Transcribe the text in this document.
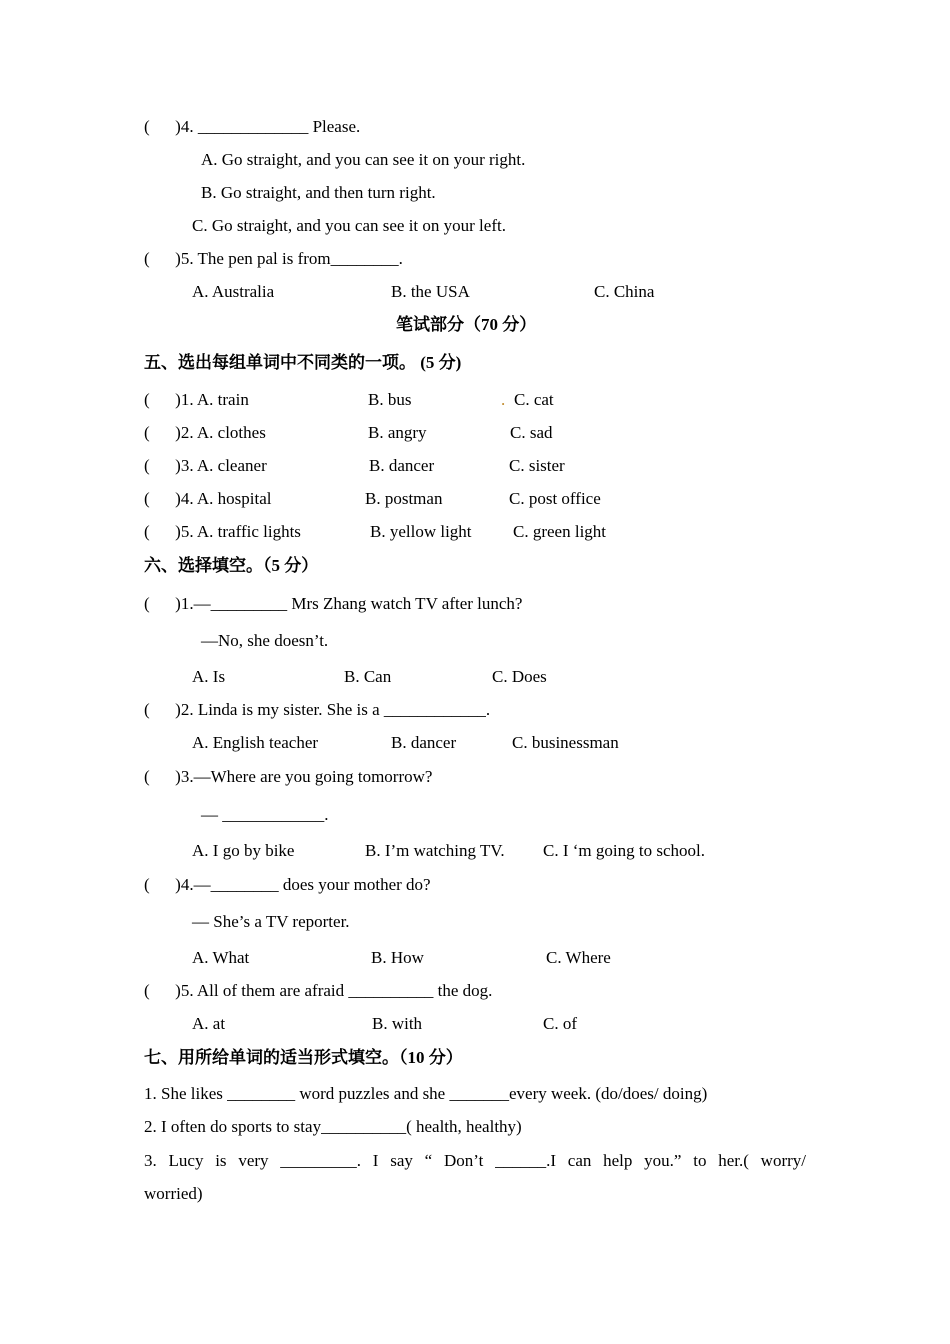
(      )4. _____________ Please.
A. Go straight, and you can see it on your right.
B. Go straight, and then turn right.
C. Go straight, and you can see it on your left.
(      )5. The pen pal is from________.
A. Australia	B. the USA	C. China
笔试部分（70 分）
五、选出每组单词中不同类的一项。 (5 分)
(      )1. A. train	B. bus	. C. cat
(      )2. A. clothes	B. angry	C. sad
(      )3. A. cleaner	B. dancer	C. sister
(      )4. A. hospital	B. postman	C. post office
(      )5. A. traffic lights	B. yellow light C. green light
六、选择填空。（5 分）
(      )1.—_________ Mrs Zhang watch TV after lunch?
—No, she doesn’t.
A. Is	B. Can	C. Does
(      )2. Linda is my sister. She is a ____________.
A. English teacher	B. dancer	C. businessman
(      )3.—Where are you going tomorrow?
— ____________.
A. I go by bike	B. I’m watching TV. C. I ‘m going to school.
(      )4.—________ does your mother do?
— She’s a TV reporter.
A. What	B. How	C. Where
(      )5. All of them are afraid __________ the dog.
A. at	B. with	C. of
七、用所给单词的适当形式填空。（10 分）
1. She likes ________ word puzzles and she _______every week. (do/does/ doing)
2. I often do sports to stay__________( health, healthy)
3. Lucy is very _________. I say “ Don’t ______.I can help you.” to her.( worry/
worried)
